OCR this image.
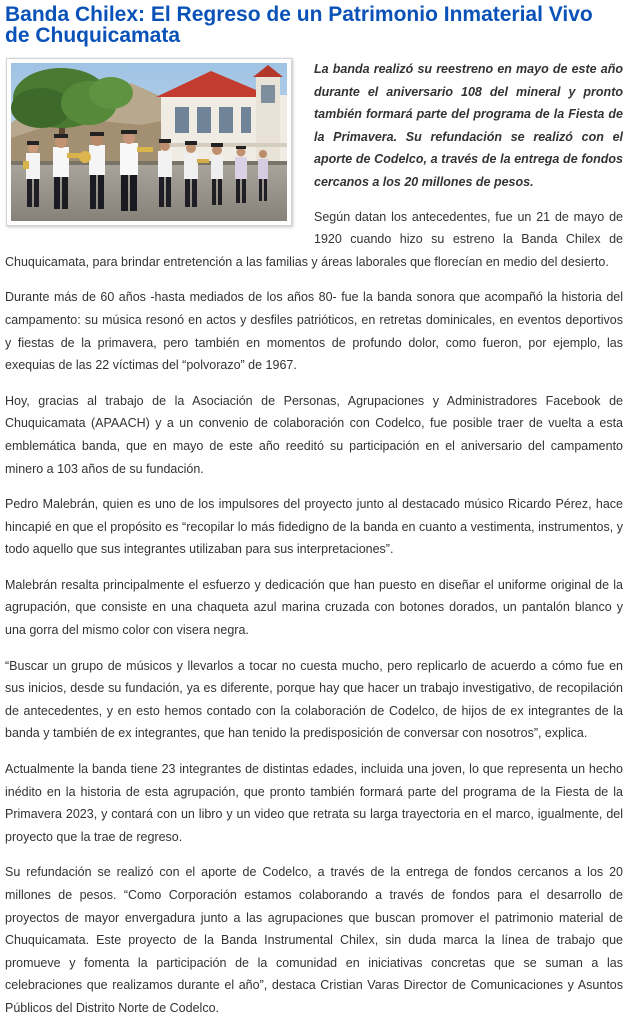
Banda Chilex: El Regreso de un Patrimonio Inmaterial Vivo de Chuquicamata

La banda realizó su reestreno en mayo de este año durante el aniversario 108 del mineral y pronto también formará parte del programa de la Fiesta de la Primavera. Su refundación se realizó con el aporte de Codelco, a través de la entrega de fondos cercanos a los 20 millones de pesos.

Según datan los antecedentes, fue un 21 de mayo de 1920 cuando hizo su estreno la Banda Chilex de Chuquicamata, para brindar entretención a las familias y áreas laborales que florecían en medio del desierto.

Durante más de 60 años -hasta mediados de los años 80- fue la banda sonora que acompañó la historia del campamento: su música resonó en actos y desfiles patrióticos, en retretas dominicales, en eventos deportivos y fiestas de la primavera, pero también en momentos de profundo dolor, como fueron, por ejemplo, las exequias de las 22 víctimas del “polvorazo” de 1967.

Hoy, gracias al trabajo de la Asociación de Personas, Agrupaciones y Administradores Facebook de Chuquicamata (APAACH) y a un convenio de colaboración con Codelco, fue posible traer de vuelta a esta emblemática banda, que en mayo de este año reeditó su participación en el aniversario del campamento minero a 103 años de su fundación.

Pedro Malebrán, quien es uno de los impulsores del proyecto junto al destacado músico Ricardo Pérez, hace hincapié en que el propósito es “recopilar lo más fidedigno de la banda en cuanto a vestimenta, instrumentos, y todo aquello que sus integrantes utilizaban para sus interpretaciones”.

Malebrán resalta principalmente el esfuerzo y dedicación que han puesto en diseñar el uniforme original de la agrupación, que consiste en una chaqueta azul marina cruzada con botones dorados, un pantalón blanco y una gorra del mismo color con visera negra.

“Buscar un grupo de músicos y llevarlos a tocar no cuesta mucho, pero replicarlo de acuerdo a cómo fue en sus inicios, desde su fundación, ya es diferente, porque hay que hacer un trabajo investigativo, de recopilación de antecedentes, y en esto hemos contado con la colaboración de Codelco, de hijos de ex integrantes de la banda y también de ex integrantes, que han tenido la predisposición de conversar con nosotros”, explica.

Actualmente la banda tiene 23 integrantes de distintas edades, incluida una joven, lo que representa un hecho inédito en la historia de esta agrupación, que pronto también formará parte del programa de la Fiesta de la Primavera 2023, y contará con un libro y un video que retrata su larga trayectoria en el marco, igualmente, del proyecto que la trae de regreso.

Su refundación se realizó con el aporte de Codelco, a través de la entrega de fondos cercanos a los 20 millones de pesos. “Como Corporación estamos colaborando a través de fondos para el desarrollo de proyectos de mayor envergadura junto a las agrupaciones que buscan promover el patrimonio material de Chuquicamata. Este proyecto de la Banda Instrumental Chilex, sin duda marca la línea de trabajo que promueve y fomenta la participación de la comunidad en iniciativas concretas que se suman a las celebraciones que realizamos durante el año”, destaca Cristian Varas Director de Comunicaciones y Asuntos Públicos del Distrito Norte de Codelco.
